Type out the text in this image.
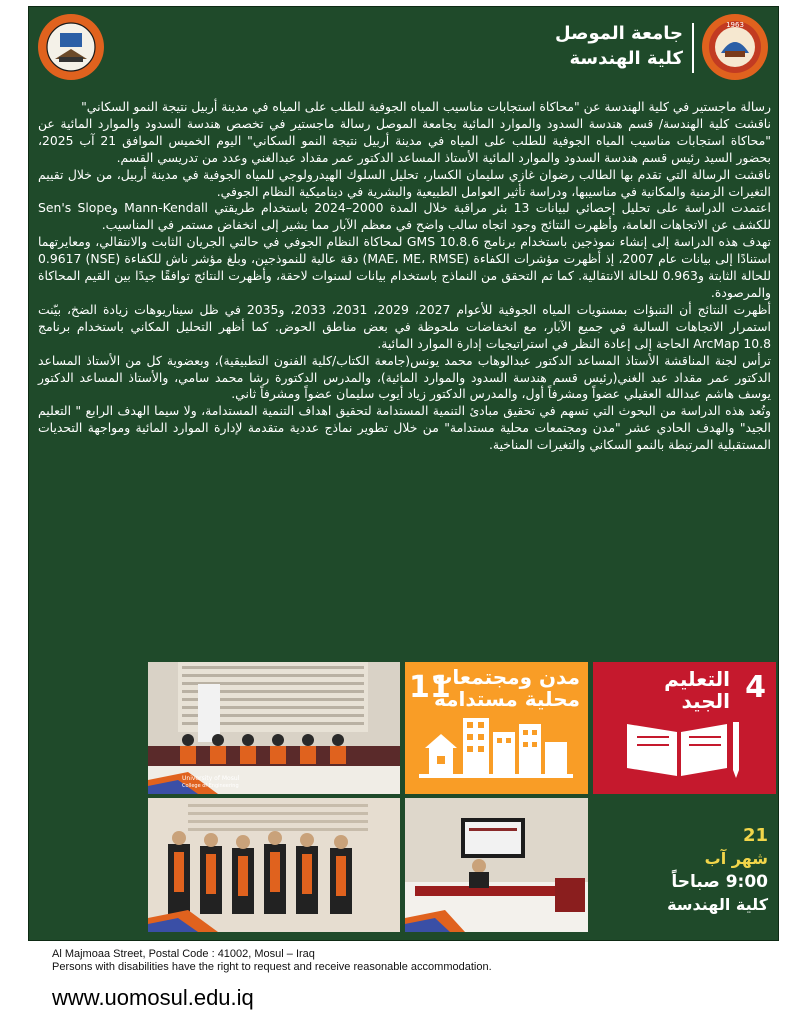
جامعة الموصل
كلية الهندسة
1963

رسالة ماجستير في كلية الهندسة عن "محاكاة استجابات مناسيب المياه الجوفية للطلب على المياه في مدينة أربيل نتيجة النمو السكاني"

ناقشت كلية الهندسة/ قسم هندسة السدود والموارد المائية بجامعة الموصل رسالة ماجستير في تخصص هندسة السدود والموارد المائية عن "محاكاة استجابات مناسيب المياه الجوفية للطلب على المياه في مدينة أربيل نتيجة النمو السكاني" اليوم الخميس الموافق 21 آب 2025، بحضور السيد رئيس قسم هندسة السدود والموارد المائية الأستاذ المساعد الدكتور عمر مقداد عبدالغني وعدد من تدريسي القسم.

ناقشت الرسالة التي تقدم بها الطالب رضوان غازي سليمان الكسار، تحليل السلوك الهيدرولوجي للمياه الجوفية في مدينة أربيل، من خلال تقييم التغيرات الزمنية والمكانية في مناسيبها، ودراسة تأثير العوامل الطبيعية والبشرية في ديناميكية النظام الجوفي.

اعتمدت الدراسة على تحليل إحصائي لبيانات 13 بئر مراقبة خلال المدة 2000–2024 باستخدام طريقتي Mann-Kendall وSen's Slope للكشف عن الاتجاهات العامة، وأظهرت النتائج وجود اتجاه سالب واضح في معظم الآبار مما يشير إلى انخفاض مستمر في المناسيب.

تهدف هذه الدراسة إلى إنشاء نموذجين باستخدام برنامج GMS 10.8.6 لمحاكاة النظام الجوفي في حالتي الجريان الثابت والانتقالي، ومعايرتهما استنادًا إلى بيانات عام 2007، إذ أظهرت مؤشرات الكفاءة (MAE، ME، RMSE) دقة عالية للنموذجين، وبلغ مؤشر ناش للكفاءة (NSE) 0.9617 للحالة الثابتة و0.963 للحالة الانتقالية. كما تم التحقق من النماذج باستخدام بيانات لسنوات لاحقة، وأظهرت النتائج توافقًا جيدًا بين القيم المحاكاة والمرصودة.

أظهرت النتائج أن التنبؤات بمستويات المياه الجوفية للأعوام 2027، 2029، 2031، 2033، و2035 في ظل سيناريوهات زيادة الضخ، بيّنت استمرار الاتجاهات السالبة في جميع الآبار، مع انخفاضات ملحوظة في بعض مناطق الحوض. كما أظهر التحليل المكاني باستخدام برنامج ArcMap 10.8 الحاجة إلى إعادة النظر في استراتيجيات إدارة الموارد المائية.

ترأس لجنة المناقشة الأستاذ المساعد الدكتور عبدالوهاب محمد يونس(جامعة الكتاب/كلية الفنون التطبيقية)، وبعضوية كل من الأستاذ المساعد الدكتور عمر مقداد عبد الغني(رئيس قسم هندسة السدود والموارد المائية)، والمدرس الدكتورة رشا محمد سامي، والأستاذ المساعد الدكتور يوسف هاشم عبدالله العقيلي عضواً ومشرفاً أول، والمدرس الدكتور زياد أيوب سليمان عضواً ومشرفاً ثاني.

وتُعد هذه الدراسة من البحوث التي تسهم في تحقيق مبادئ التنمية المستدامة لتحقيق اهداف التنمية المستدامة، ولا سيما الهدف الرابع " التعليم الجيد" والهدف الحادي عشر "مدن ومجتمعات محلية مستدامة" من خلال تطوير نماذج عددية متقدمة لإدارة الموارد المائية ومواجهة التحديات المستقبلية المرتبطة بالنمو السكاني والتغيرات المناخية.

University of Mosul
College of Engineering
11
مدن ومجتمعات
محلية مستدامة	4
التعليم
الجيد
21
شهر آب
9:00 صباحاً
كلية الهندسة
Al Majmoaa Street, Postal Code : 41002, Mosul – Iraq
Persons with disabilities have the right to request and receive reasonable accommodation.
www.uomosul.edu.iq
